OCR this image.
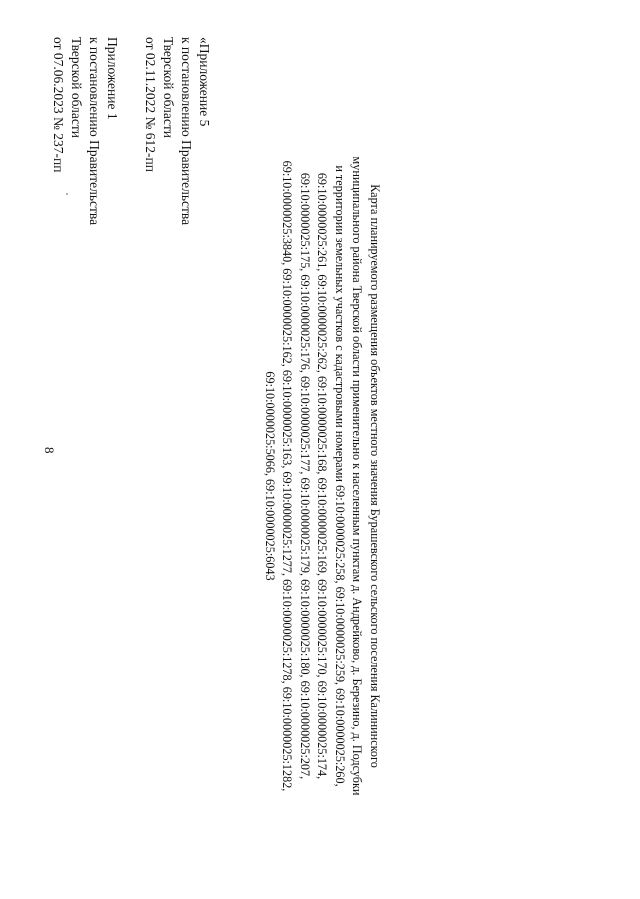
8
Приложение 1
к постановлению Правительства
Тверской области
от 07.06.2023 № 237-пп	«Приложение 5
к постановлению Правительства
Тверской области
от 02.11.2022 № 612-пп
Карта планируемого размещения объектов местного значения Бурашевского сельского поселения Калининского
муниципального района Тверской области применительно к населенным пунктам д. Андрейково, д. Березино, д. Подсубки
и территории земельных участков с кадастровыми номерами 69:10:0000025:258, 69:10:0000025:259, 69:10:0000025:260,
69:10:0000025:261, 69:10:0000025:262, 69:10:0000025:168, 69:10:0000025:169, 69:10:0000025:170, 69:10:0000025:174,
69:10:0000025:175, 69:10:0000025:176, 69:10:0000025:177, 69:10:0000025:179, 69:10:0000025:180, 69:10:0000025:207,
69:10:0000025:3840, 69:10:0000025:162, 69:10:0000025:163, 69:10:0000025:1277, 69:10:0000025:1278, 69:10:0000025:1282,
69:10:0000025:5066, 69:10:0000025:6043
